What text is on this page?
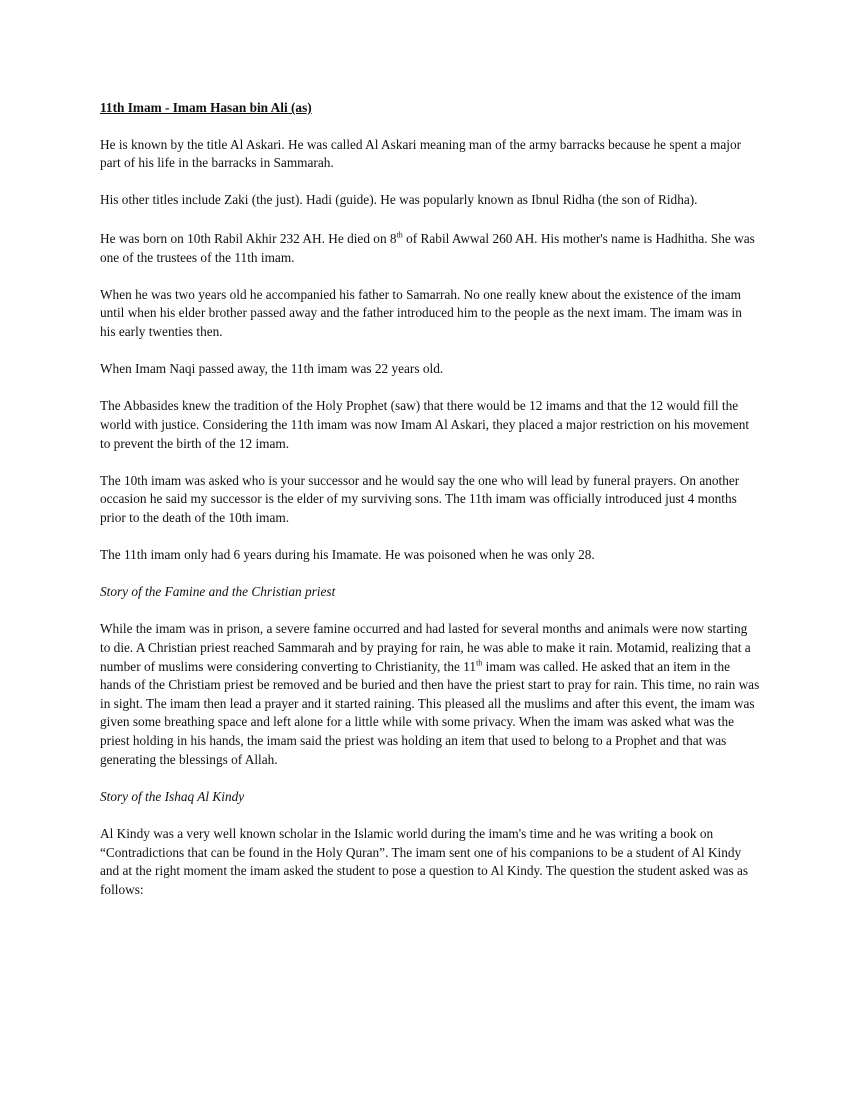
11th Imam - Imam Hasan bin Ali (as)

He is known by the title Al Askari. He was called Al Askari meaning man of the army barracks because he spent a major part of his life in the barracks in Sammarah.

His other titles include Zaki (the just). Hadi (guide). He was popularly known as Ibnul Ridha (the son of Ridha).

He was born on 10th Rabil Akhir 232 AH. He died on 8th of Rabil Awwal 260 AH. His mother's name is Hadhitha. She was one of the trustees of the 11th imam.

When he was two years old he accompanied his father to Samarrah. No one really knew about the existence of the imam until when his elder brother passed away and the father introduced him to the people as the next imam. The imam was in his early twenties then.

When Imam Naqi passed away, the 11th imam was 22 years old.

The Abbasides knew the tradition of the Holy Prophet (saw) that there would be 12 imams and that the 12 would fill the world with justice. Considering the 11th imam was now Imam Al Askari, they placed a major restriction on his movement to prevent the birth of the 12 imam.

The 10th imam was asked who is your successor and he would say the one who will lead by funeral prayers. On another occasion he said my successor is the elder of my surviving sons. The 11th imam was officially introduced just 4 months prior to the death of the 10th imam.

The 11th imam only had 6 years during his Imamate. He was poisoned when he was only 28.

Story of the Famine and the Christian priest

While the imam was in prison, a severe famine occurred and had lasted for several months and animals were now starting to die. A Christian priest reached Sammarah and by praying for rain, he was able to make it rain. Motamid, realizing that a number of muslims were considering converting to Christianity, the 11th imam was called. He asked that an item in the hands of the Christiam priest be removed and be buried and then have the priest start to pray for rain. This time, no rain was in sight. The imam then lead a prayer and it started raining. This pleased all the muslims and after this event, the imam was given some breathing space and left alone for a little while with some privacy. When the imam was asked what was the priest holding in his hands, the imam said the priest was holding an item that used to belong to a Prophet and that was generating the blessings of Allah.

Story of the Ishaq Al Kindy

Al Kindy was a very well known scholar in the Islamic world during the imam's time and he was writing a book on “Contradictions that can be found in the Holy Quran”. The imam sent one of his companions to be a student of Al Kindy and at the right moment the imam asked the student to pose a question to Al Kindy. The question the student asked was as follows:
